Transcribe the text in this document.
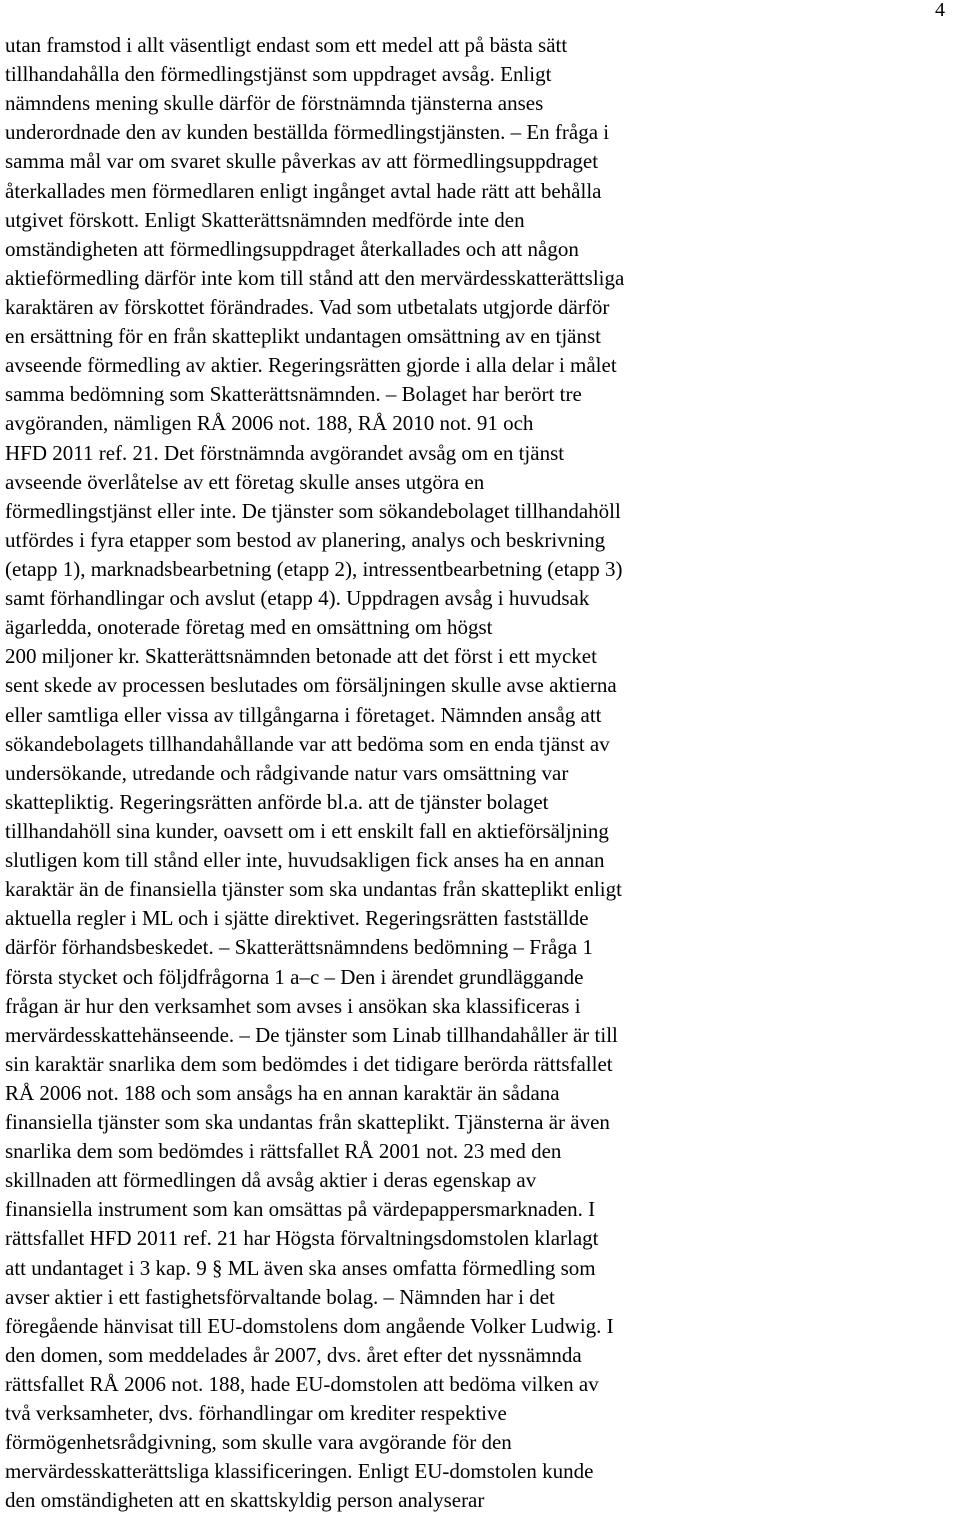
4
utan framstod i allt väsentligt endast som ett medel att på bästa sätt
tillhandahålla den förmedlingstjänst som uppdraget avsåg. Enligt
nämndens mening skulle därför de förstnämnda tjänsterna anses
underordnade den av kunden beställda förmedlingstjänsten. – En fråga i
samma mål var om svaret skulle påverkas av att förmedlingsuppdraget
återkallades men förmedlaren enligt ingånget avtal hade rätt att behålla
utgivet förskott. Enligt Skatterättsnämnden medförde inte den
omständigheten att förmedlingsuppdraget återkallades och att någon
aktieförmedling därför inte kom till stånd att den mervärdesskatterättsliga
karaktären av förskottet förändrades. Vad som utbetalats utgjorde därför
en ersättning för en från skatteplikt undantagen omsättning av en tjänst
avseende förmedling av aktier. Regeringsrätten gjorde i alla delar i målet
samma bedömning som Skatterättsnämnden. – Bolaget har berört tre
avgöranden, nämligen RÅ 2006 not. 188, RÅ 2010 not. 91 och
HFD 2011 ref. 21. Det förstnämnda avgörandet avsåg om en tjänst
avseende överlåtelse av ett företag skulle anses utgöra en
förmedlingstjänst eller inte. De tjänster som sökandebolaget tillhandahöll
utfördes i fyra etapper som bestod av planering, analys och beskrivning
(etapp 1), marknadsbearbetning (etapp 2), intressentbearbetning (etapp 3)
samt förhandlingar och avslut (etapp 4). Uppdragen avsåg i huvudsak
ägarledda, onoterade företag med en omsättning om högst
200 miljoner kr. Skatterättsnämnden betonade att det först i ett mycket
sent skede av processen beslutades om försäljningen skulle avse aktierna
eller samtliga eller vissa av tillgångarna i företaget. Nämnden ansåg att
sökandebolagets tillhandahållande var att bedöma som en enda tjänst av
undersökande, utredande och rådgivande natur vars omsättning var
skattepliktig. Regeringsrätten anförde bl.a. att de tjänster bolaget
tillhandahöll sina kunder, oavsett om i ett enskilt fall en aktieförsäljning
slutligen kom till stånd eller inte, huvudsakligen fick anses ha en annan
karaktär än de finansiella tjänster som ska undantas från skatteplikt enligt
aktuella regler i ML och i sjätte direktivet. Regeringsrätten fastställde
därför förhandsbeskedet. – Skatterättsnämndens bedömning – Fråga 1
första stycket och följdfrågorna 1 a–c – Den i ärendet grundläggande
frågan är hur den verksamhet som avses i ansökan ska klassificeras i
mervärdesskattehänseende. – De tjänster som Linab tillhandahåller är till
sin karaktär snarlika dem som bedömdes i det tidigare berörda rättsfallet
RÅ 2006 not. 188 och som ansågs ha en annan karaktär än sådana
finansiella tjänster som ska undantas från skatteplikt. Tjänsterna är även
snarlika dem som bedömdes i rättsfallet RÅ 2001 not. 23 med den
skillnaden att förmedlingen då avsåg aktier i deras egenskap av
finansiella instrument som kan omsättas på värdepappersmarknaden. I
rättsfallet HFD 2011 ref. 21 har Högsta förvaltningsdomstolen klarlagt
att undantaget i 3 kap. 9 § ML även ska anses omfatta förmedling som
avser aktier i ett fastighetsförvaltande bolag. – Nämnden har i det
föregående hänvisat till EU-domstolens dom angående Volker Ludwig. I
den domen, som meddelades år 2007, dvs. året efter det nyssnämnda
rättsfallet RÅ 2006 not. 188, hade EU-domstolen att bedöma vilken av
två verksamheter, dvs. förhandlingar om krediter respektive
förmögenhetsrådgivning, som skulle vara avgörande för den
mervärdesskatterättsliga klassificeringen. Enligt EU-domstolen kunde
den omständigheten att en skattskyldig person analyserar
